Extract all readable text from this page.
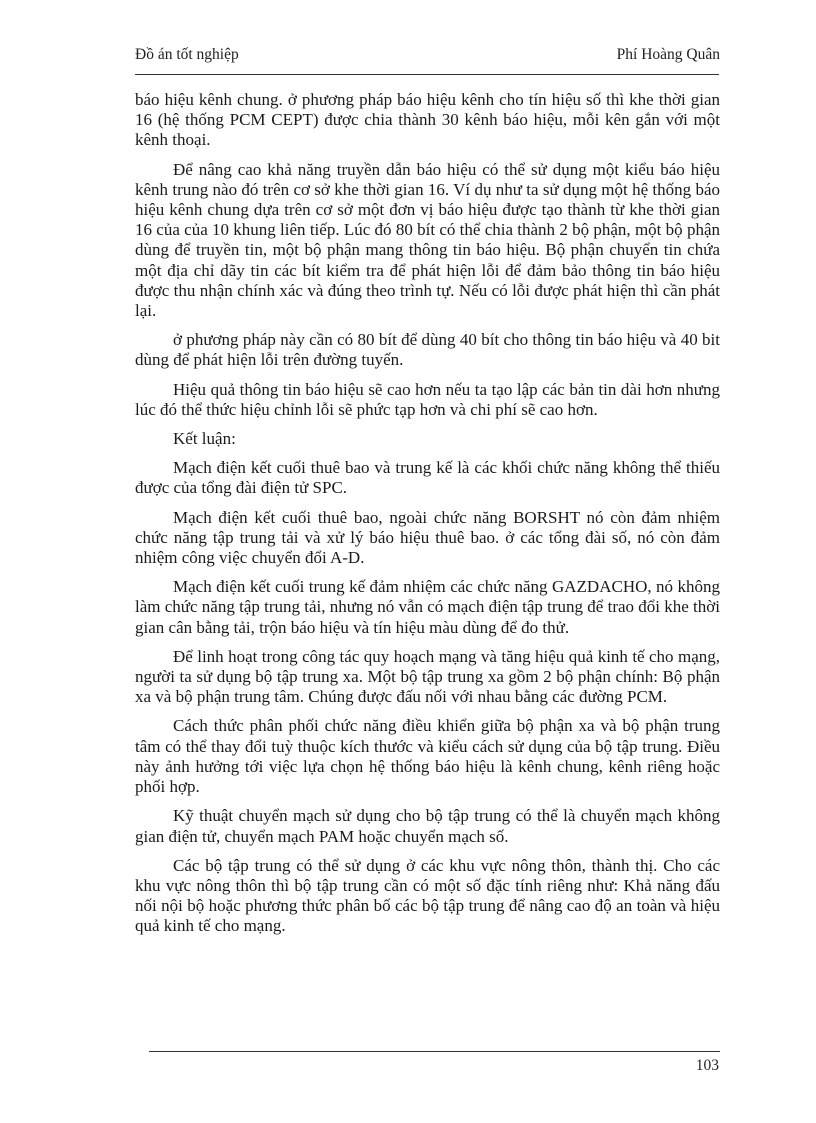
Đồ án tốt nghiệp	Phí Hoàng Quân

báo hiệu kênh chung. ở phương pháp báo hiệu kênh cho tín hiệu số thì khe thời gian 16 (hệ thống PCM CEPT) được chia thành 30 kênh báo hiệu, mỗi kên gắn với một kênh thoại.

Để nâng cao khả năng truyền dẫn báo hiệu có thể sử dụng một kiểu báo hiệu kênh trung nào đó trên cơ sở khe thời gian 16. Ví dụ như ta sử dụng một hệ thống báo hiệu kênh chung dựa trên cơ sở một đơn vị báo hiệu được tạo thành từ khe thời gian 16 của của 10 khung liên tiếp. Lúc đó 80 bít có thể chia thành 2 bộ phận, một bộ phận dùng để truyền tin, một bộ phận mang thông tin báo hiệu. Bộ phận chuyển tin chứa một địa chỉ dãy tin các bít kiểm tra để phát hiện lỗi để đảm bảo thông tin báo hiệu được thu nhận chính xác và đúng theo trình tự. Nếu có lỗi được phát hiện thì cần phát lại.

ở phương pháp này cần có 80 bít để dùng 40 bít cho thông tin báo hiệu và 40 bit dùng để phát hiện lỗi trên đường tuyến.

Hiệu quả thông tin báo hiệu sẽ cao hơn nếu ta tạo lập các bản tin dài hơn nhưng lúc đó thể thức hiệu chỉnh lỗi sẽ phức tạp hơn và chi phí sẽ cao hơn.

Kết luận:

Mạch điện kết cuối thuê bao và trung kế là các khối chức năng không thể thiếu được của tổng đài điện tử SPC.

Mạch điện kết cuối thuê bao, ngoài chức năng BORSHT nó còn đảm nhiệm chức năng tập trung tải và xử lý báo hiệu thuê bao. ở các tổng đài số, nó còn đảm nhiệm công việc chuyển đổi A-D.

Mạch điện kết cuối trung kế đảm nhiệm các chức năng GAZDACHO, nó không làm chức năng tập trung tải, nhưng nó vẫn có mạch điện tập trung để trao đổi khe thời gian cân bằng tải, trộn báo hiệu và tín hiệu màu dùng để đo thử.

Để linh hoạt trong công tác quy hoạch mạng và tăng hiệu quả kinh tế cho mạng, người ta sử dụng bộ tập trung xa. Một bộ tập trung xa gồm 2 bộ phận chính: Bộ phận xa và bộ phận trung tâm. Chúng được đấu nối với nhau bằng các đường PCM.

Cách thức phân phối chức năng điều khiển giữa bộ phận xa và bộ phận trung tâm có thể thay đổi tuỳ thuộc kích thước và kiểu cách sử dụng của bộ tập trung. Điều này ảnh hưởng tới việc lựa chọn hệ thống báo hiệu là kênh chung, kênh riêng hoặc phối hợp.

Kỹ thuật chuyển mạch sử dụng cho bộ tập trung có thể là chuyển mạch không gian điện tử, chuyển mạch PAM hoặc chuyển mạch số.

Các bộ tập trung có thể sử dụng ở các khu vực nông thôn, thành thị. Cho các khu vực nông thôn thì bộ tập trung cần có một số đặc tính riêng như: Khả năng đấu nối nội bộ hoặc phương thức phân bố các bộ tập trung để nâng cao độ an toàn và hiệu quả kinh tế cho mạng.

103
